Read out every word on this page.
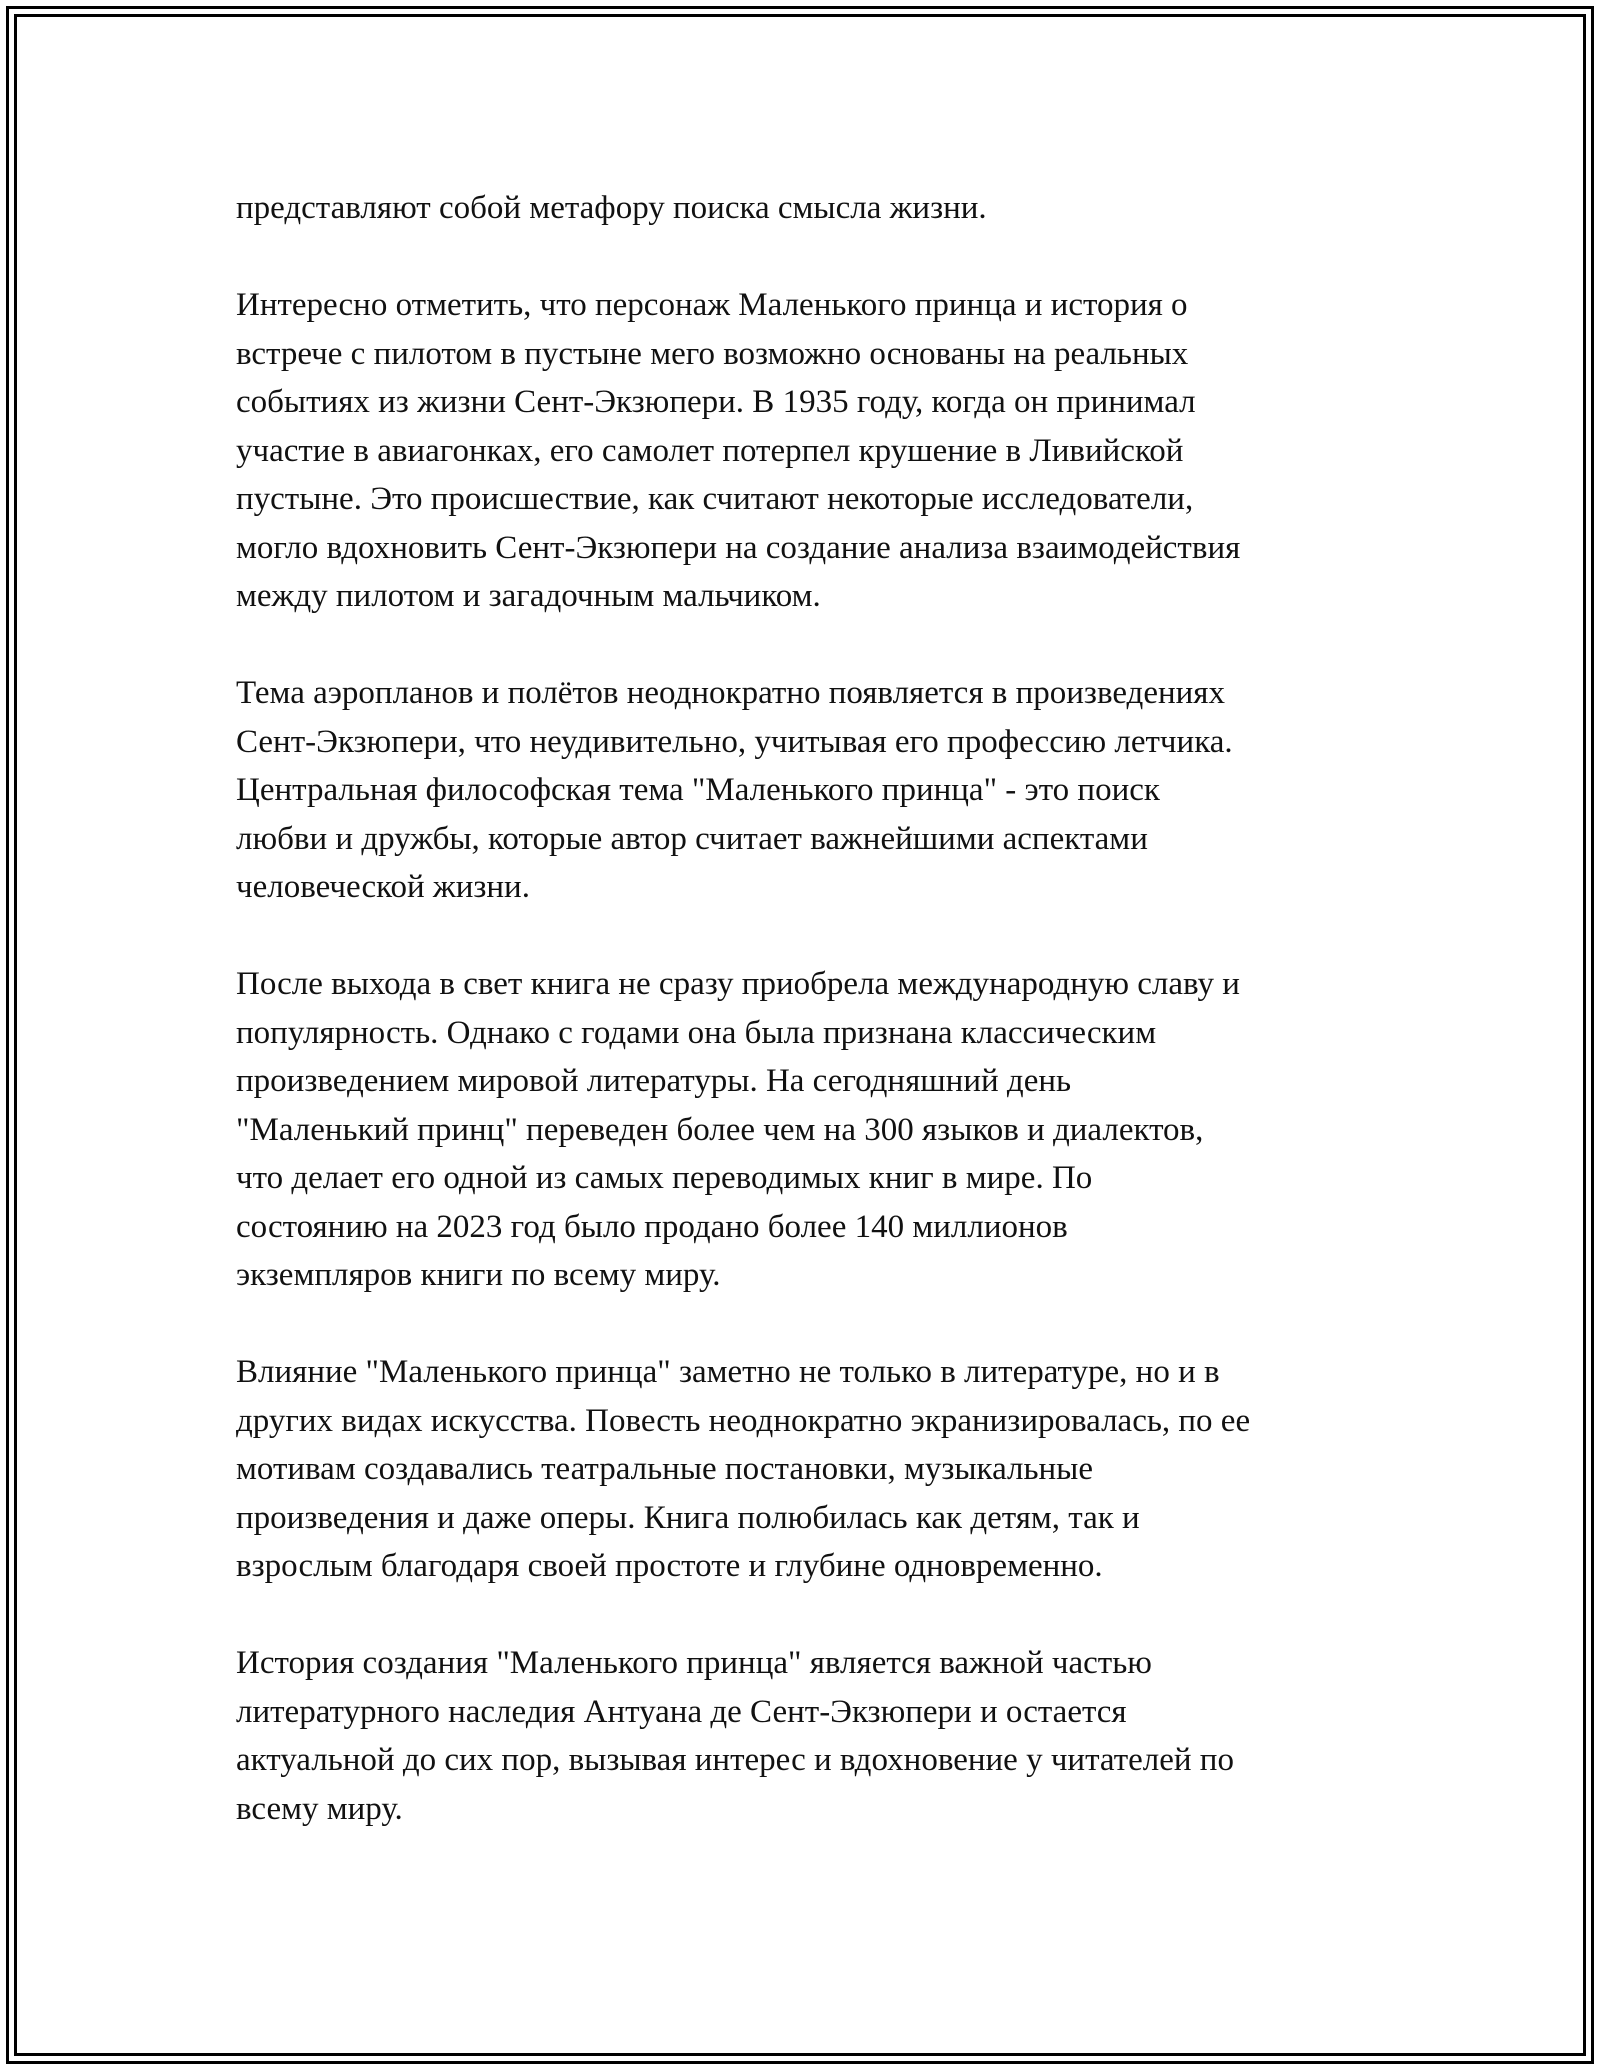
представляют собой метафору поиска смысла жизни.
Интересно отметить, что персонаж Маленького принца и история о
встрече с пилотом в пустыне мего возможно основаны на реальных
событиях из жизни Сент-Экзюпери. В 1935 году, когда он принимал
участие в авиагонках, его самолет потерпел крушение в Ливийской
пустыне. Это происшествие, как считают некоторые исследователи,
могло вдохновить Сент-Экзюпери на создание анализа взаимодействия
между пилотом и загадочным мальчиком.
Тема аэропланов и полётов неоднократно появляется в произведениях
Сент-Экзюпери, что неудивительно, учитывая его профессию летчика.
Центральная философская тема "Маленького принца" - это поиск
любви и дружбы, которые автор считает важнейшими аспектами
человеческой жизни.
После выхода в свет книга не сразу приобрела международную славу и
популярность. Однако с годами она была признана классическим
произведением мировой литературы. На сегодняшний день
"Маленький принц" переведен более чем на 300 языков и диалектов,
что делает его одной из самых переводимых книг в мире. По
состоянию на 2023 год было продано более 140 миллионов
экземпляров книги по всему миру.
Влияние "Маленького принца" заметно не только в литературе, но и в
других видах искусства. Повесть неоднократно экранизировалась, по ее
мотивам создавались театральные постановки, музыкальные
произведения и даже оперы. Книга полюбилась как детям, так и
взрослым благодаря своей простоте и глубине одновременно.
История создания "Маленького принца" является важной частью
литературного наследия Антуана де Сент-Экзюпери и остается
актуальной до сих пор, вызывая интерес и вдохновение у читателей по
всему миру.
